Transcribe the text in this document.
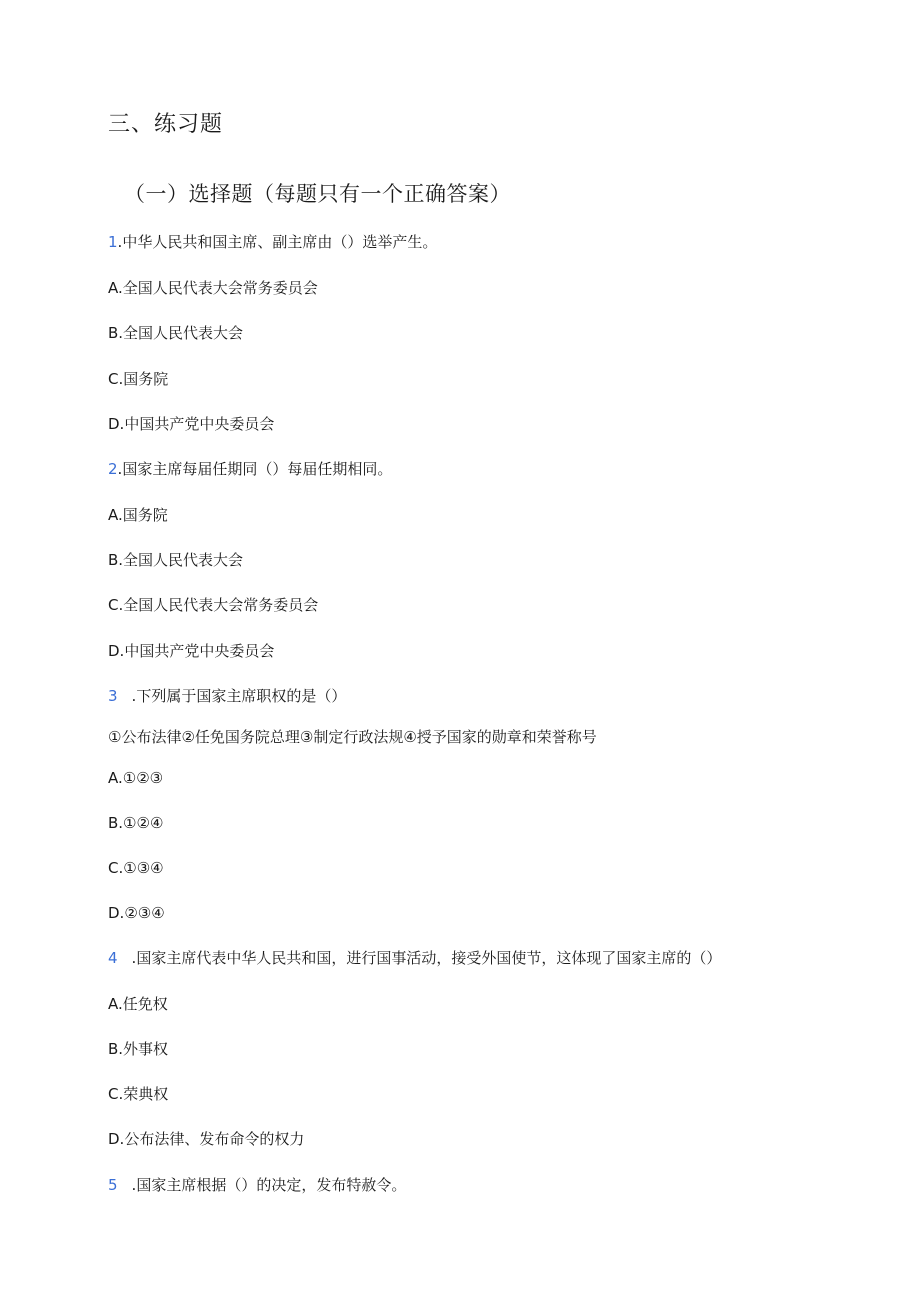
三、练习题
（一）选择题（每题只有一个正确答案）
1.中华人民共和国主席、副主席由（）选举产生。
A.全国人民代表大会常务委员会
B.全国人民代表大会
C.国务院
D.中国共产党中央委员会
2.国家主席每届任期同（）每届任期相同。
A.国务院
B.全国人民代表大会
C.全国人民代表大会常务委员会
D.中国共产党中央委员会
3 .下列属于国家主席职权的是（）
①公布法律②任免国务院总理③制定行政法规④授予国家的勋章和荣誉称号
A.①②③
B.①②④
C.①③④
D.②③④
4 .国家主席代表中华人民共和国，进行国事活动，接受外国使节，这体现了国家主席的（）
A.任免权
B.外事权
C.荣典权
D.公布法律、发布命令的权力
5 .国家主席根据（）的决定，发布特赦令。
